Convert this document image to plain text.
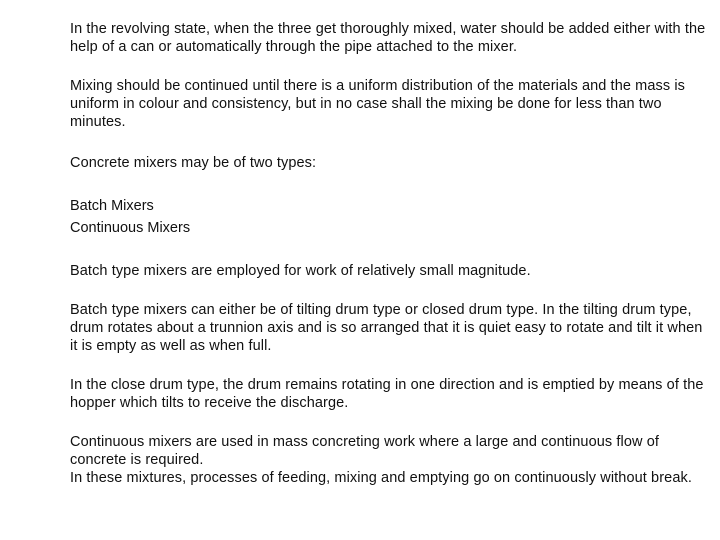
In the revolving state, when the three get thoroughly mixed, water should be added either with the help of a can or automatically through the pipe attached to the mixer.

Mixing should be continued until there is a uniform distribution of the materials and the mass is uniform in colour and consistency, but in no case shall the mixing be done for less than two minutes.

Concrete mixers may be of two types:

Batch Mixers
Continuous Mixers

Batch type mixers are employed for work of relatively small magnitude.

Batch type mixers can either be of tilting drum type or closed drum type. In the tilting drum type, drum rotates about a trunnion axis and is so arranged that it is quiet easy to rotate and tilt it when it is empty as well as when full.

In the close drum type, the drum remains rotating in one direction and is emptied by means of the hopper which tilts to receive the discharge.

Continuous mixers are used in mass concreting work where a large and continuous flow of concrete is required.
In these mixtures, processes of feeding, mixing and emptying go on continuously without break.
